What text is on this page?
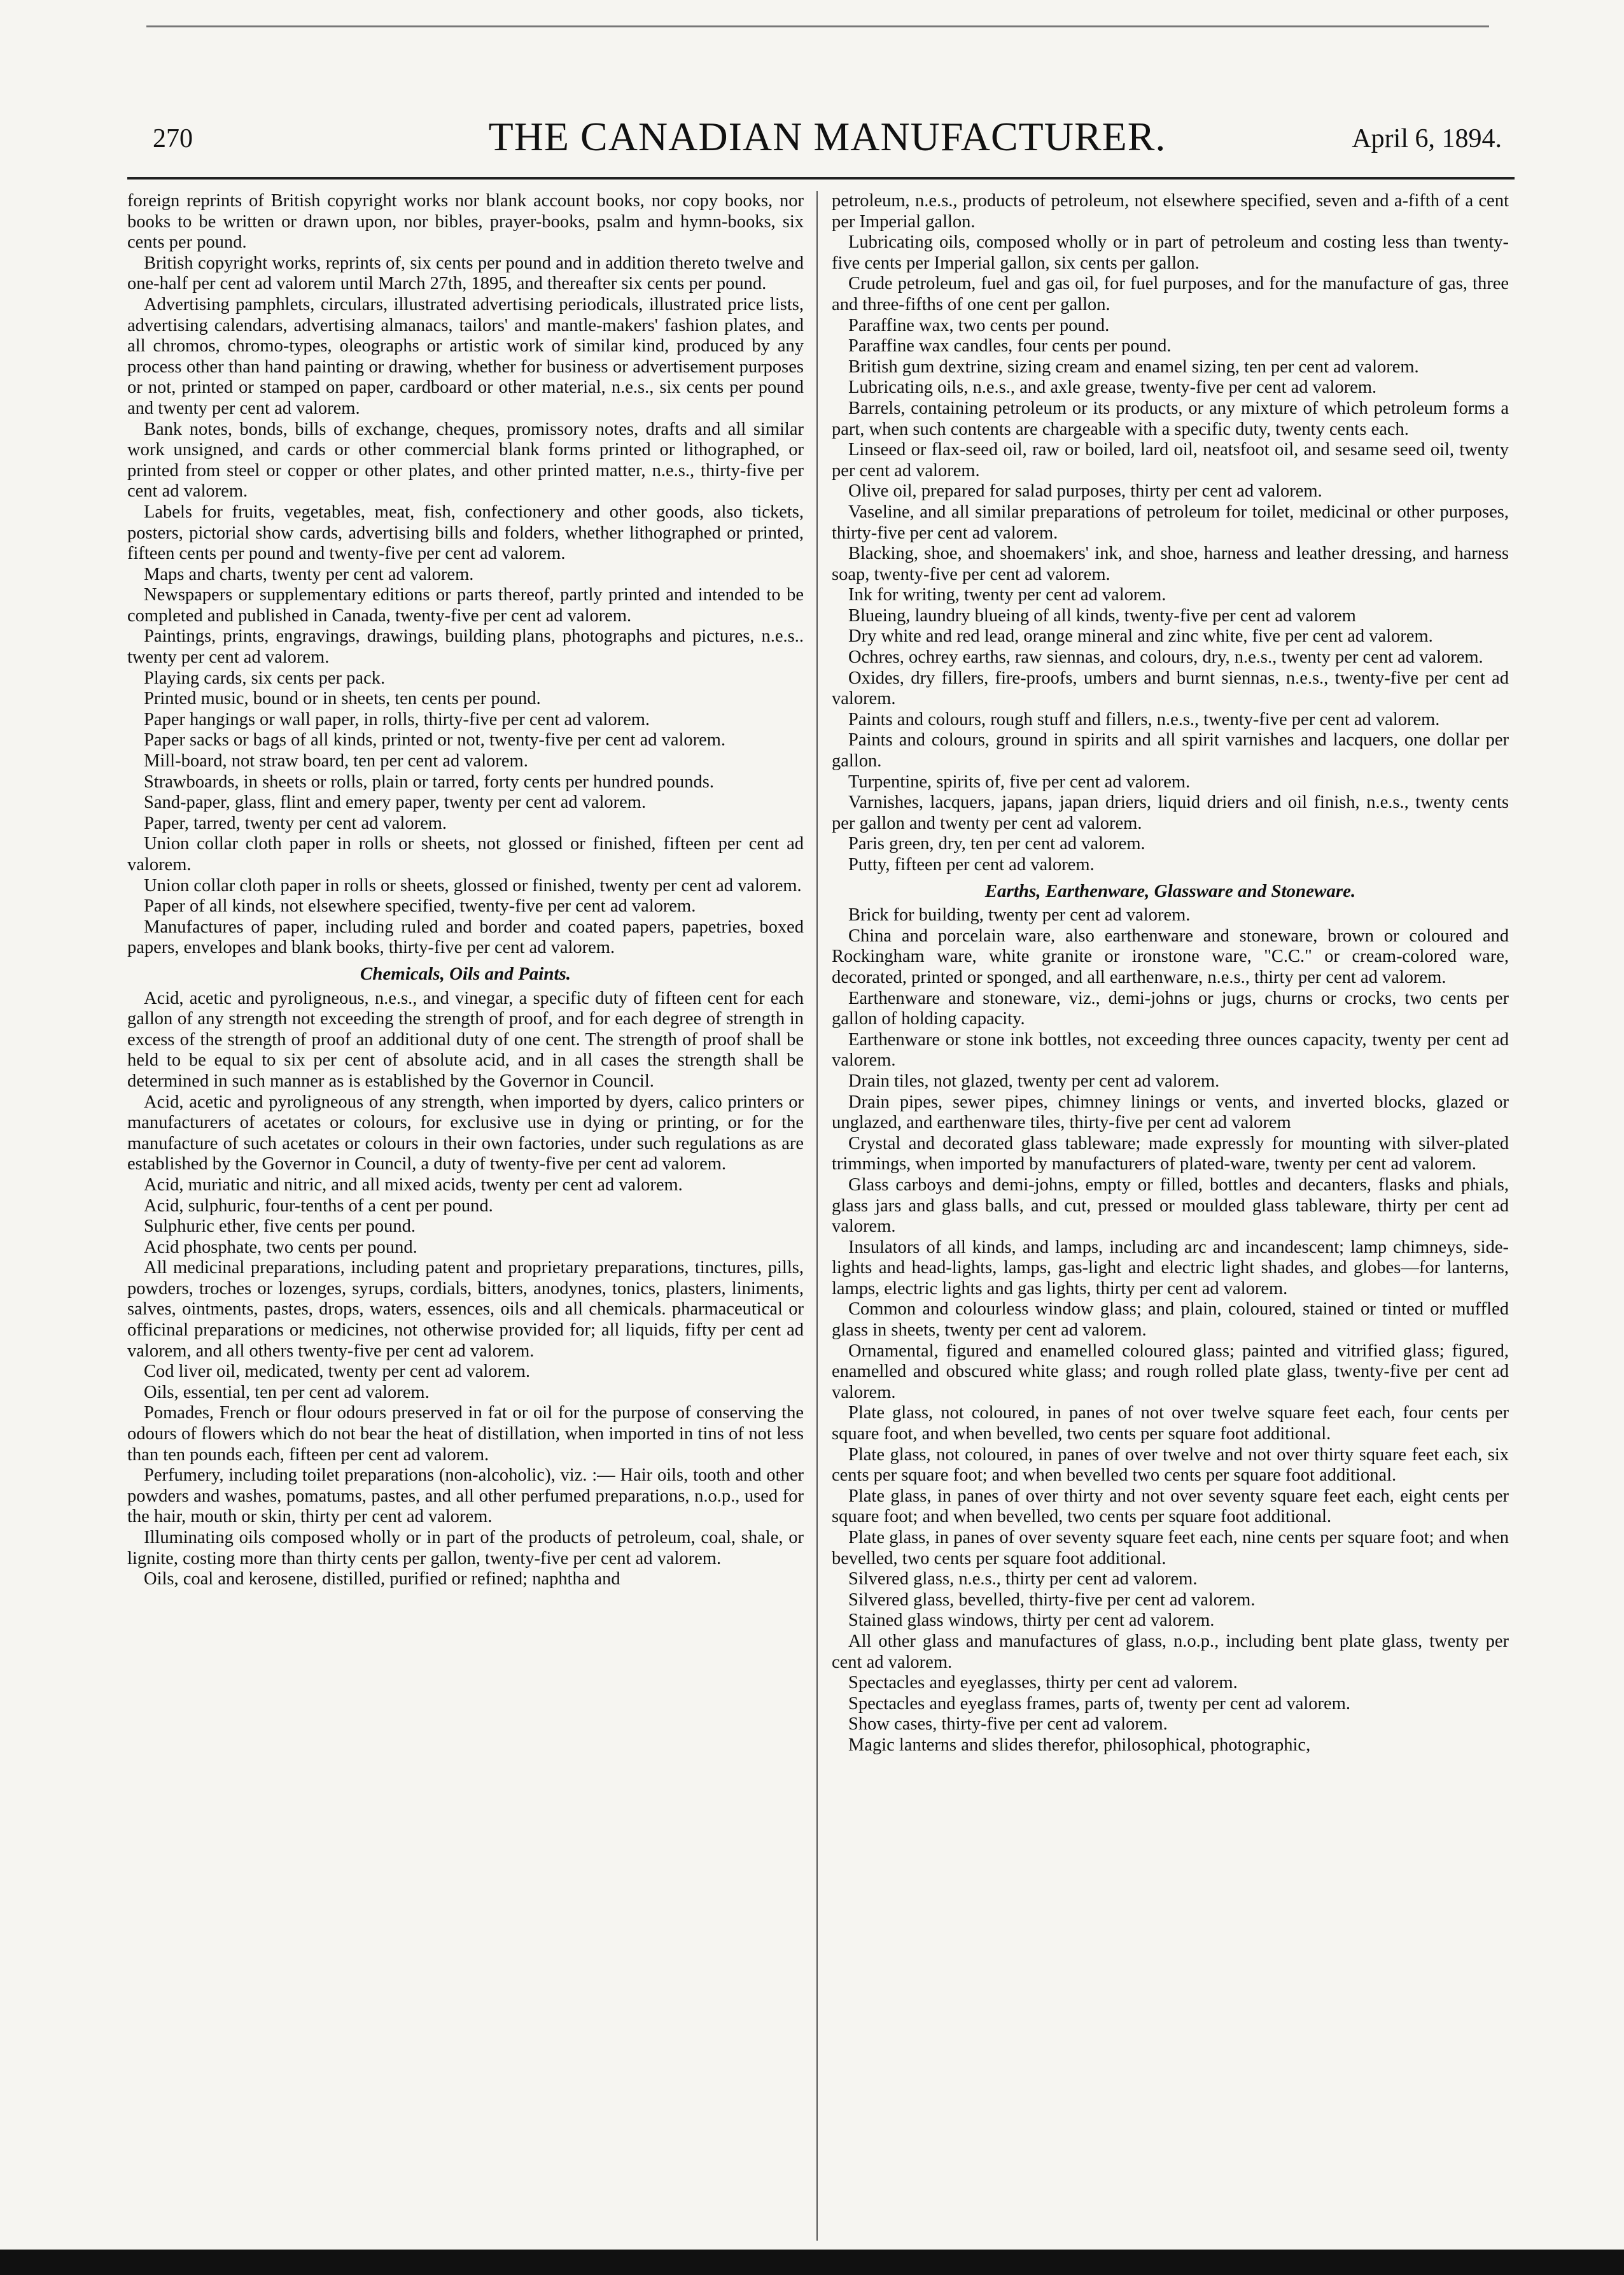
270	THE CANADIAN MANUFACTURER.	April 6, 1894.

foreign reprints of British copyright works nor blank account books, nor copy books, nor books to be written or drawn upon, nor bibles, prayer-books, psalm and hymn-books, six cents per pound.

British copyright works, reprints of, six cents per pound and in addition thereto twelve and one-half per cent ad valorem until March 27th, 1895, and thereafter six cents per pound.

Advertising pamphlets, circulars, illustrated advertising periodicals, illustrated price lists, advertising calendars, advertising almanacs, tailors' and mantle-makers' fashion plates, and all chromos, chromo-types, oleographs or artistic work of similar kind, produced by any process other than hand painting or drawing, whether for business or advertisement purposes or not, printed or stamped on paper, cardboard or other material, n.e.s., six cents per pound and twenty per cent ad valorem.

Bank notes, bonds, bills of exchange, cheques, promissory notes, drafts and all similar work unsigned, and cards or other commercial blank forms printed or lithographed, or printed from steel or copper or other plates, and other printed matter, n.e.s., thirty-five per cent ad valorem.

Labels for fruits, vegetables, meat, fish, confectionery and other goods, also tickets, posters, pictorial show cards, advertising bills and folders, whether lithographed or printed, fifteen cents per pound and twenty-five per cent ad valorem.

Maps and charts, twenty per cent ad valorem.

Newspapers or supplementary editions or parts thereof, partly printed and intended to be completed and published in Canada, twenty-five per cent ad valorem.

Paintings, prints, engravings, drawings, building plans, photographs and pictures, n.e.s.. twenty per cent ad valorem.

Playing cards, six cents per pack.

Printed music, bound or in sheets, ten cents per pound.

Paper hangings or wall paper, in rolls, thirty-five per cent ad valorem.

Paper sacks or bags of all kinds, printed or not, twenty-five per cent ad valorem.

Mill-board, not straw board, ten per cent ad valorem.

Strawboards, in sheets or rolls, plain or tarred, forty cents per hundred pounds.

Sand-paper, glass, flint and emery paper, twenty per cent ad valorem.

Paper, tarred, twenty per cent ad valorem.

Union collar cloth paper in rolls or sheets, not glossed or finished, fifteen per cent ad valorem.

Union collar cloth paper in rolls or sheets, glossed or finished, twenty per cent ad valorem.

Paper of all kinds, not elsewhere specified, twenty-five per cent ad valorem.

Manufactures of paper, including ruled and border and coated papers, papetries, boxed papers, envelopes and blank books, thirty-five per cent ad valorem.

Chemicals, Oils and Paints.

Acid, acetic and pyroligneous, n.e.s., and vinegar, a specific duty of fifteen cent for each gallon of any strength not exceeding the strength of proof, and for each degree of strength in excess of the strength of proof an additional duty of one cent. The strength of proof shall be held to be equal to six per cent of absolute acid, and in all cases the strength shall be determined in such manner as is established by the Governor in Council.

Acid, acetic and pyroligneous of any strength, when imported by dyers, calico printers or manufacturers of acetates or colours, for exclusive use in dying or printing, or for the manufacture of such acetates or colours in their own factories, under such regulations as are established by the Governor in Council, a duty of twenty-five per cent ad valorem.

Acid, muriatic and nitric, and all mixed acids, twenty per cent ad valorem.

Acid, sulphuric, four-tenths of a cent per pound.

Sulphuric ether, five cents per pound.

Acid phosphate, two cents per pound.

All medicinal preparations, including patent and proprietary preparations, tinctures, pills, powders, troches or lozenges, syrups, cordials, bitters, anodynes, tonics, plasters, liniments, salves, ointments, pastes, drops, waters, essences, oils and all chemicals. pharmaceutical or officinal preparations or medicines, not otherwise provided for; all liquids, fifty per cent ad valorem, and all others twenty-five per cent ad valorem.

Cod liver oil, medicated, twenty per cent ad valorem.

Oils, essential, ten per cent ad valorem.

Pomades, French or flour odours preserved in fat or oil for the purpose of conserving the odours of flowers which do not bear the heat of distillation, when imported in tins of not less than ten pounds each, fifteen per cent ad valorem.

Perfumery, including toilet preparations (non-alcoholic), viz. :— Hair oils, tooth and other powders and washes, pomatums, pastes, and all other perfumed preparations, n.o.p., used for the hair, mouth or skin, thirty per cent ad valorem.

Illuminating oils composed wholly or in part of the products of petroleum, coal, shale, or lignite, costing more than thirty cents per gallon, twenty-five per cent ad valorem.

Oils, coal and kerosene, distilled, purified or refined; naphtha and

petroleum, n.e.s., products of petroleum, not elsewhere specified, seven and a-fifth of a cent per Imperial gallon.

Lubricating oils, composed wholly or in part of petroleum and costing less than twenty-five cents per Imperial gallon, six cents per gallon.

Crude petroleum, fuel and gas oil, for fuel purposes, and for the manufacture of gas, three and three-fifths of one cent per gallon.

Paraffine wax, two cents per pound.

Paraffine wax candles, four cents per pound.

British gum dextrine, sizing cream and enamel sizing, ten per cent ad valorem.

Lubricating oils, n.e.s., and axle grease, twenty-five per cent ad valorem.

Barrels, containing petroleum or its products, or any mixture of which petroleum forms a part, when such contents are chargeable with a specific duty, twenty cents each.

Linseed or flax-seed oil, raw or boiled, lard oil, neatsfoot oil, and sesame seed oil, twenty per cent ad valorem.

Olive oil, prepared for salad purposes, thirty per cent ad valorem.

Vaseline, and all similar preparations of petroleum for toilet, medicinal or other purposes, thirty-five per cent ad valorem.

Blacking, shoe, and shoemakers' ink, and shoe, harness and leather dressing, and harness soap, twenty-five per cent ad valorem.

Ink for writing, twenty per cent ad valorem.

Blueing, laundry blueing of all kinds, twenty-five per cent ad valorem

Dry white and red lead, orange mineral and zinc white, five per cent ad valorem.

Ochres, ochrey earths, raw siennas, and colours, dry, n.e.s., twenty per cent ad valorem.

Oxides, dry fillers, fire-proofs, umbers and burnt siennas, n.e.s., twenty-five per cent ad valorem.

Paints and colours, rough stuff and fillers, n.e.s., twenty-five per cent ad valorem.

Paints and colours, ground in spirits and all spirit varnishes and lacquers, one dollar per gallon.

Turpentine, spirits of, five per cent ad valorem.

Varnishes, lacquers, japans, japan driers, liquid driers and oil finish, n.e.s., twenty cents per gallon and twenty per cent ad valorem.

Paris green, dry, ten per cent ad valorem.

Putty, fifteen per cent ad valorem.

Earths, Earthenware, Glassware and Stoneware.

Brick for building, twenty per cent ad valorem.

China and porcelain ware, also earthenware and stoneware, brown or coloured and Rockingham ware, white granite or ironstone ware, "C.C." or cream-colored ware, decorated, printed or sponged, and all earthenware, n.e.s., thirty per cent ad valorem.

Earthenware and stoneware, viz., demi-johns or jugs, churns or crocks, two cents per gallon of holding capacity.

Earthenware or stone ink bottles, not exceeding three ounces capacity, twenty per cent ad valorem.

Drain tiles, not glazed, twenty per cent ad valorem.

Drain pipes, sewer pipes, chimney linings or vents, and inverted blocks, glazed or unglazed, and earthenware tiles, thirty-five per cent ad valorem

Crystal and decorated glass tableware; made expressly for mounting with silver-plated trimmings, when imported by manufacturers of plated-ware, twenty per cent ad valorem.

Glass carboys and demi-johns, empty or filled, bottles and decanters, flasks and phials, glass jars and glass balls, and cut, pressed or moulded glass tableware, thirty per cent ad valorem.

Insulators of all kinds, and lamps, including arc and incandescent; lamp chimneys, side-lights and head-lights, lamps, gas-light and electric light shades, and globes—for lanterns, lamps, electric lights and gas lights, thirty per cent ad valorem.

Common and colourless window glass; and plain, coloured, stained or tinted or muffled glass in sheets, twenty per cent ad valorem.

Ornamental, figured and enamelled coloured glass; painted and vitrified glass; figured, enamelled and obscured white glass; and rough rolled plate glass, twenty-five per cent ad valorem.

Plate glass, not coloured, in panes of not over twelve square feet each, four cents per square foot, and when bevelled, two cents per square foot additional.

Plate glass, not coloured, in panes of over twelve and not over thirty square feet each, six cents per square foot; and when bevelled two cents per square foot additional.

Plate glass, in panes of over thirty and not over seventy square feet each, eight cents per square foot; and when bevelled, two cents per square foot additional.

Plate glass, in panes of over seventy square feet each, nine cents per square foot; and when bevelled, two cents per square foot additional.

Silvered glass, n.e.s., thirty per cent ad valorem.

Silvered glass, bevelled, thirty-five per cent ad valorem.

Stained glass windows, thirty per cent ad valorem.

All other glass and manufactures of glass, n.o.p., including bent plate glass, twenty per cent ad valorem.

Spectacles and eyeglasses, thirty per cent ad valorem.

Spectacles and eyeglass frames, parts of, twenty per cent ad valorem.

Show cases, thirty-five per cent ad valorem.

Magic lanterns and slides therefor, philosophical, photographic,
